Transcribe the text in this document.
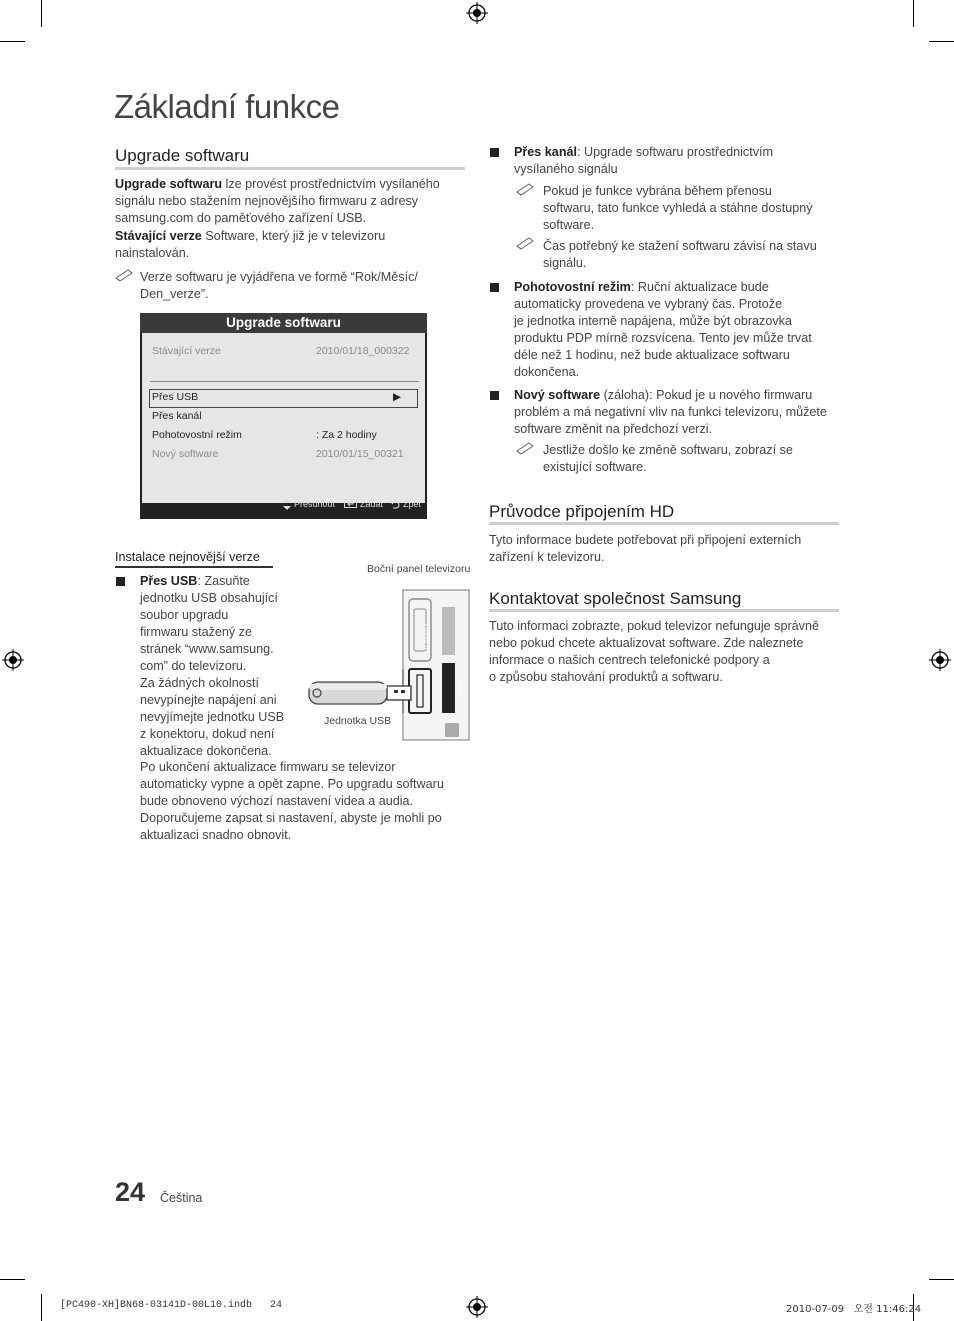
Základní funkce
Upgrade softwaru
Upgrade softwaru lze provést prostřednictvím vysílaného
signálu nebo stažením nejnovějšího firmwaru z adresy
samsung.com do paměťového zařízení USB.
Stávající verze Software, který již je v televizoru
nainstalován.
Verze softwaru je vyjádřena ve formě “Rok/Měsíc/
Den_verze”.
Upgrade softwaru
Stávající verze	2010/01/18_000322
Přes USB	▶
Přes kanál
Pohotovostní režim	: Za 2 hodiny
Nový software	2010/01/15_00321
Přesunout	Zadat Zpět
Instalace nejnovější verze
Přes USB: Zasuňte
jednotku USB obsahující
soubor upgradu
firmwaru stažený ze
stránek “www.samsung.
com” do televizoru.
Za žádných okolností
nevypínejte napájení ani
nevyjímejte jednotku USB
z konektoru, dokud není
aktualizace dokončena.
Po ukončení aktualizace firmwaru se televizor
automaticky vypne a opět zapne. Po upgradu softwaru
bude obnoveno výchozí nastavení videa a audia.
Doporučujeme zapsat si nastavení, abyste je mohli po
aktualizaci snadno obnovit.
Boční panel televizoru
HDMI IN 3
USB
Jednotka USB
Přes kanál: Upgrade softwaru prostřednictvím
vysílaného signálu
Pokud je funkce vybrána během přenosu
softwaru, tato funkce vyhledá a stáhne dostupný
software.
Čas potřebný ke stažení softwaru závisí na stavu
signálu.
Pohotovostní režim: Ruční aktualizace bude
automaticky provedena ve vybraný čas. Protože
je jednotka interně napájena, může být obrazovka
produktu PDP mírně rozsvícena. Tento jev může trvat
déle než 1 hodinu, než bude aktualizace softwaru
dokončena.
Nový software (záloha): Pokud je u nového firmwaru
problém a má negativní vliv na funkci televizoru, můžete
software změnit na předchozí verzi.
Jestliže došlo ke změně softwaru, zobrazí se
existující software.
Průvodce připojením HD
Tyto informace budete potřebovat při připojení externích
zařízení k televizoru.
Kontaktovat společnost Samsung
Tuto informaci zobrazte, pokud televizor nefunguje správně
nebo pokud chcete aktualizovat software. Zde naleznete
informace o našich centrech telefonické podpory a
o způsobu stahování produktů a softwaru.
24 Čeština
[PC490-XH]BN68-03141D-00L10.indb   24	2010-07-09   오전 11:46:24
